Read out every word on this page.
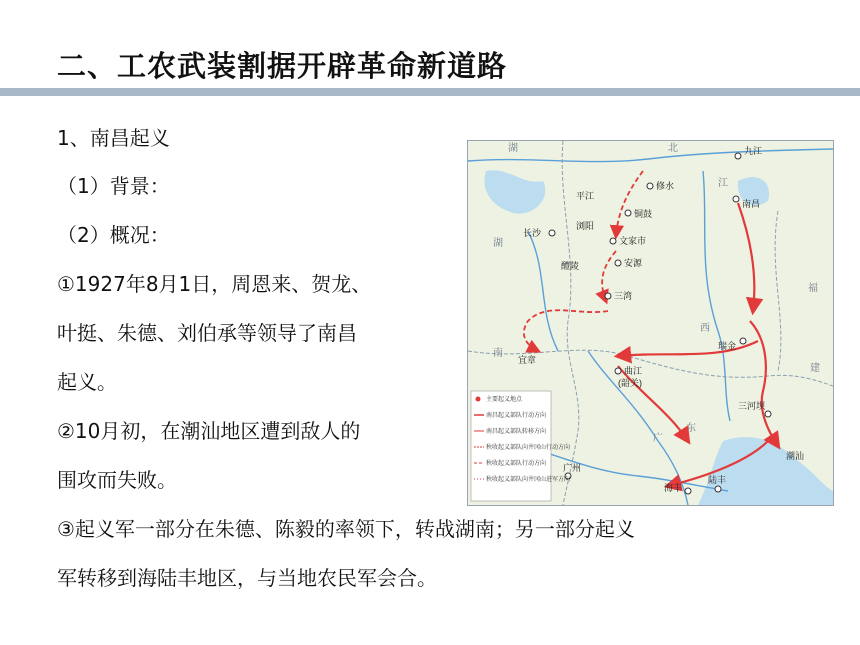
二、工农武装割据开辟革命新道路
1、南昌起义
（1）背景：
（2）概况：
①1927年8月1日，周恩来、贺龙、
叶挺、朱德、刘伯承等领导了南昌
起义。
②10月初，在潮汕地区遭到敌人的
围攻而失败。
③起义军一部分在朱德、陈毅的率领下，转战湖南；另一部分起义
军转移到海陆丰地区，与当地农民军会合。
湖	北
江
湖
南
西
福
建
广
东
九江
修水
平江
铜鼓
浏阳
文家市
长沙
安源
醴陵
三湾
南昌
瑞金
宜章
曲江
(韶关)
三河坝
潮汕
广州
海丰
陆丰
主要起义地点
南昌起义部队行动方向
南昌起义部队转移方向
秋收起义部队向井冈山行动方向
秋收起义部队行动方向
秋收起义部队向井冈山进军方向
